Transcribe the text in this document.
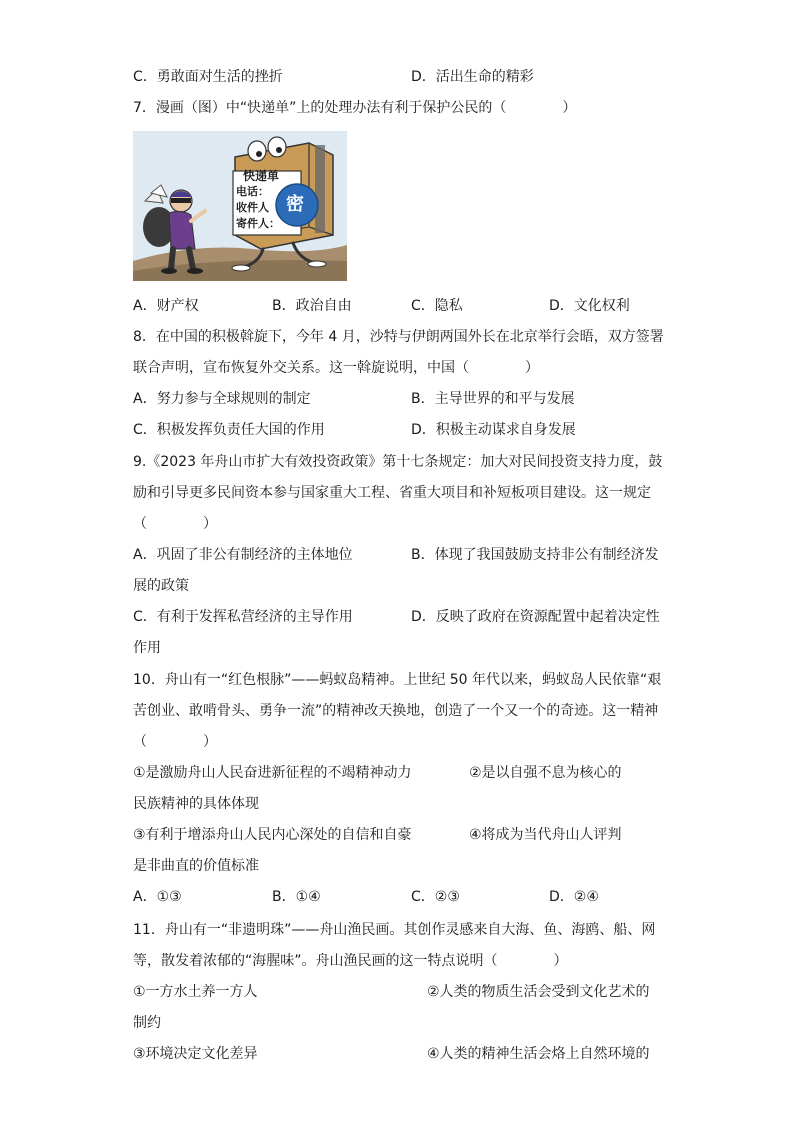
C．勇敢面对生活的挫折	D．活出生命的精彩
7．漫画（图）中“快递单”上的处理办法有利于保护公民的（　　　　）
快递单
电话：
收件人
寄件人：
密
A．财产权	B．政治自由	C．隐私	D．文化权利
8．在中国的积极斡旋下，今年 4 月，沙特与伊朗两国外长在北京举行会晤，双方签署
联合声明，宣布恢复外交关系。这一斡旋说明，中国（　　　　）
A．努力参与全球规则的制定	B．主导世界的和平与发展
C．积极发挥负责任大国的作用	D．积极主动谋求自身发展
9.《2023 年舟山市扩大有效投资政策》第十七条规定：加大对民间投资支持力度，鼓
励和引导更多民间资本参与国家重大工程、省重大项目和补短板项目建设。这一规定
（　　　　）
A．巩固了非公有制经济的主体地位	B．体现了我国鼓励支持非公有制经济发
展的政策
C．有利于发挥私营经济的主导作用	D．反映了政府在资源配置中起着决定性
作用
10．舟山有一“红色根脉”——蚂蚁岛精神。上世纪 50 年代以来，蚂蚁岛人民依靠“艰
苦创业、敢啃骨头、勇争一流”的精神改天换地，创造了一个又一个的奇迹。这一精神
（　　　　）
①是激励舟山人民奋进新征程的不竭精神动力	②是以自强不息为核心的
民族精神的具体体现
③有利于增添舟山人民内心深处的自信和自豪	④将成为当代舟山人评判
是非曲直的价值标准
A．①③	B．①④	C．②③	D．②④
11．舟山有一“非遗明珠”——舟山渔民画。其创作灵感来自大海、鱼、海鸥、船、网
等，散发着浓郁的“海腥味”。舟山渔民画的这一特点说明（　　　　）
①一方水土养一方人	②人类的物质生活会受到文化艺术的
制约
③环境决定文化差异	④人类的精神生活会烙上自然环境的
